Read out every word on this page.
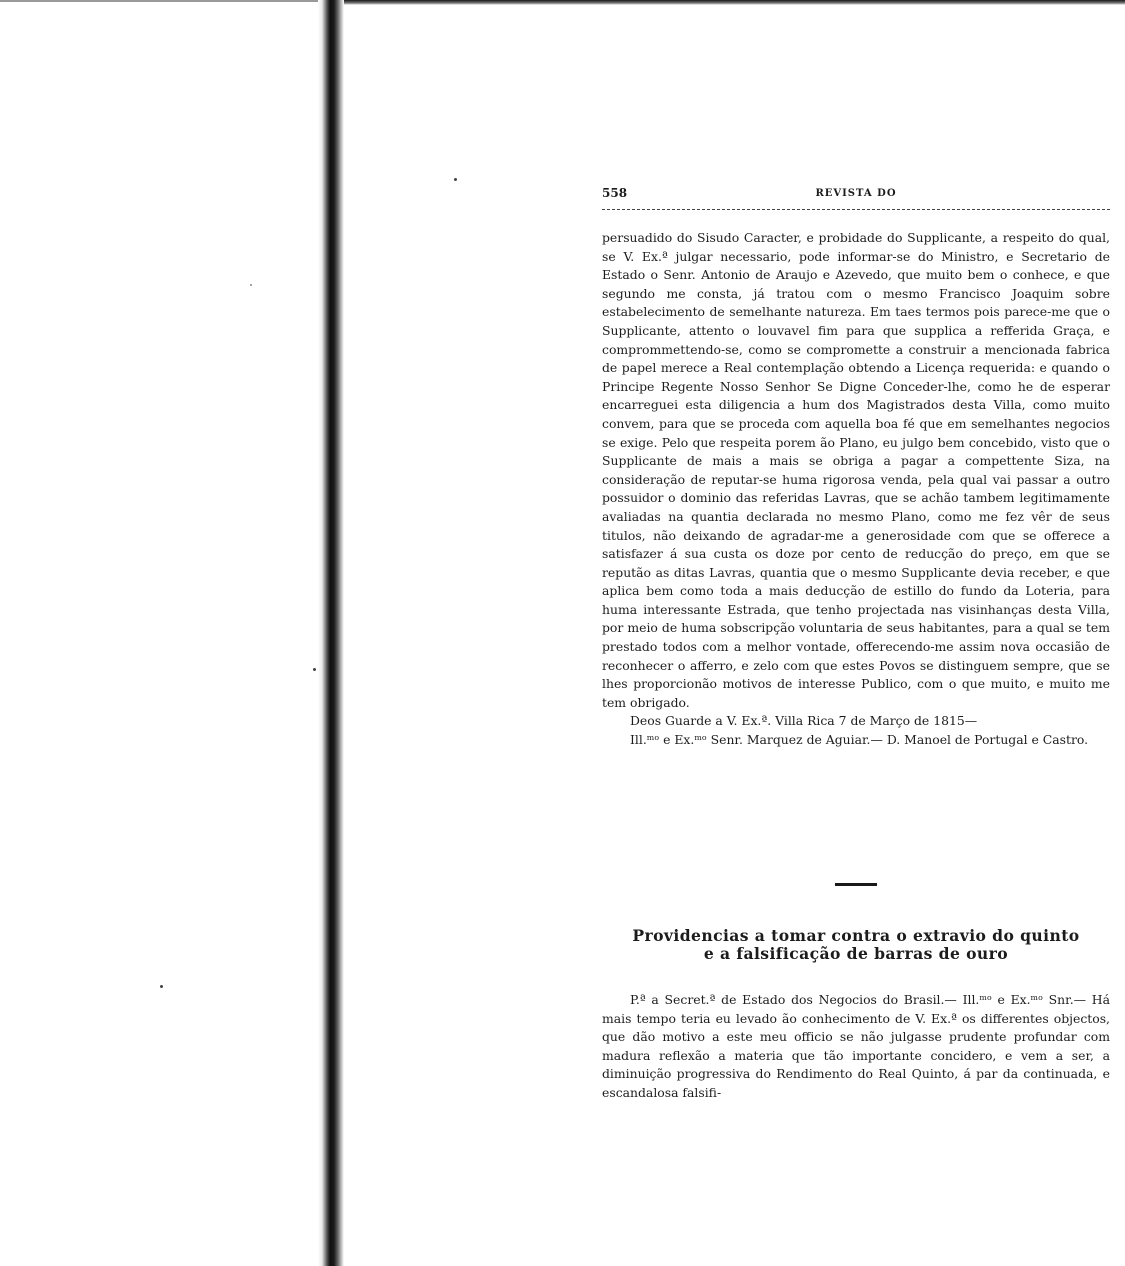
558	REVISTA DO

persuadido do Sisudo Caracter, e probidade do Supplicante, a respeito do qual, se V. Ex.ª julgar necessario, pode informar-se do Ministro, e Secretario de Estado o Senr. Antonio de Araujo e Azevedo, que muito bem o conhece, e que segundo me consta, já tratou com o mesmo Francisco Joaquim sobre estabelecimento de semelhante natureza. Em taes termos pois parece-me que o Supplicante, attento o louvavel fim para que supplica a refferida Graça, e comprommettendo-se, como se compromette a construir a mencionada fabrica de papel merece a Real contemplação obtendo a Licença requerida: e quando o Principe Regente Nosso Senhor Se Digne Conceder-lhe, como he de esperar encarreguei esta diligencia a hum dos Magistrados desta Villa, como muito convem, para que se proceda com aquella boa fé que em semelhantes negocios se exige. Pelo que respeita porem ão Plano, eu julgo bem concebido, visto que o Supplicante de mais a mais se obriga a pagar a compettente Siza, na consideração de reputar-se huma rigorosa venda, pela qual vai passar a outro possuidor o dominio das referidas Lavras, que se achão tambem legitimamente avaliadas na quantia declarada no mesmo Plano, como me fez vêr de seus titulos, não deixando de agradar-me a generosidade com que se offerece a satisfazer á sua custa os doze por cento de reducção do preço, em que se reputão as ditas Lavras, quantia que o mesmo Supplicante devia receber, e que aplica bem como toda a mais deducção de estillo do fundo da Loteria, para huma interessante Estrada, que tenho projectada nas visinhanças desta Villa, por meio de huma sobscripção voluntaria de seus habitantes, para a qual se tem prestado todos com a melhor vontade, offerecendo-me assim nova occasião de reconhecer o afferro, e zelo com que estes Povos se distinguem sempre, que se lhes proporcionão motivos de interesse Publico, com o que muito, e muito me tem obrigado.

Deos Guarde a V. Ex.ª. Villa Rica 7 de Março de 1815—

Ill.ᵐᵒ e Ex.ᵐᵒ Senr. Marquez de Aguiar.— D. Manoel de Portugal e Castro.

Providencias a tomar contra o extravio do quinto
e a falsificação de barras de ouro

P.ª a Secret.ª de Estado dos Negocios do Brasil.— Ill.ᵐᵒ e Ex.ᵐᵒ Snr.— Há mais tempo teria eu levado ão conhecimento de V. Ex.ª os differentes objectos, que dão motivo a este meu officio se não julgasse prudente profundar com madura reflexão a materia que tão importante concidero, e vem a ser, a diminuição progressiva do Rendimento do Real Quinto, á par da continuada, e escandalosa falsifi-
